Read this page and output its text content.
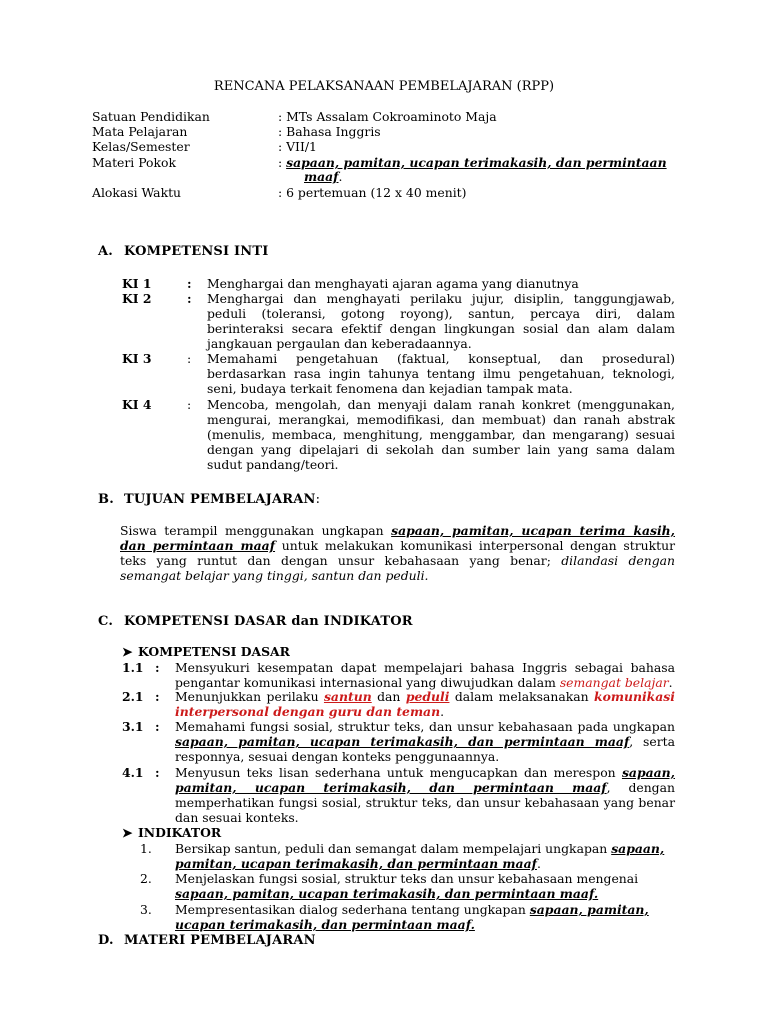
RENCANA PELAKSANAAN PEMBELAJARAN (RPP)
Satuan Pendidikan	: MTs Assalam Cokroaminoto Maja
Mata Pelajaran	: Bahasa Inggris
Kelas/Semester	: VII/1
Materi Pokok	: sapaan, pamitan, ucapan terimakasih, dan permintaan
maaf.
Alokasi Waktu	: 6 pertemuan (12 x 40 menit)
A. KOMPETENSI INTI
KI 1	: Menghargai dan menghayati ajaran agama yang dianutnya
KI 2	: Menghargai dan menghayati perilaku jujur, disiplin, tanggungjawab, peduli (toleransi, gotong royong), santun, percaya diri, dalam berinteraksi secara efektif dengan lingkungan sosial dan alam dalam jangkauan pergaulan dan keberadaannya.
KI 3	: Memahami pengetahuan (faktual, konseptual, dan prosedural) berdasarkan rasa ingin tahunya tentang ilmu pengetahuan, teknologi, seni, budaya terkait fenomena dan kejadian tampak mata.
KI 4	: Mencoba, mengolah, dan menyaji dalam ranah konkret (menggunakan, mengurai, merangkai, memodifikasi, dan membuat) dan ranah abstrak (menulis, membaca, menghitung, menggambar, dan mengarang) sesuai dengan yang dipelajari di sekolah dan sumber lain yang sama dalam sudut pandang/teori.
B. TUJUAN PEMBELAJARAN:
Siswa terampil menggunakan ungkapan sapaan, pamitan, ucapan terima kasih, dan permintaan maaf untuk melakukan komunikasi interpersonal dengan struktur teks yang runtut dan dengan unsur kebahasaan yang benar; dilandasi dengan semangat belajar yang tinggi, santun dan peduli.
C. KOMPETENSI DASAR dan INDIKATOR
➤ KOMPETENSI DASAR
1.1 : Mensyukuri kesempatan dapat mempelajari bahasa Inggris sebagai bahasa pengantar komunikasi internasional yang diwujudkan dalam semangat belajar.
2.1 : Menunjukkan perilaku santun dan peduli dalam melaksanakan komunikasi interpersonal dengan guru dan teman.
3.1 : Memahami fungsi sosial, struktur teks, dan unsur kebahasaan pada ungkapan sapaan, pamitan, ucapan terimakasih, dan permintaan maaf, serta responnya, sesuai dengan konteks penggunaannya.
4.1 : Menyusun teks lisan sederhana untuk mengucapkan dan merespon sapaan, pamitan, ucapan terimakasih, dan permintaan maaf, dengan memperhatikan fungsi sosial, struktur teks, dan unsur kebahasaan yang benar dan sesuai konteks.
➤ INDIKATOR
1. Bersikap santun, peduli dan semangat dalam mempelajari ungkapan sapaan,
pamitan, ucapan terimakasih, dan permintaan maaf.
2. Menjelaskan fungsi sosial, struktur teks dan unsur kebahasaan mengenai
sapaan, pamitan, ucapan terimakasih, dan permintaan maaf.
3. Mempresentasikan dialog sederhana tentang ungkapan sapaan, pamitan,
ucapan terimakasih, dan permintaan maaf.
D. MATERI PEMBELAJARAN
